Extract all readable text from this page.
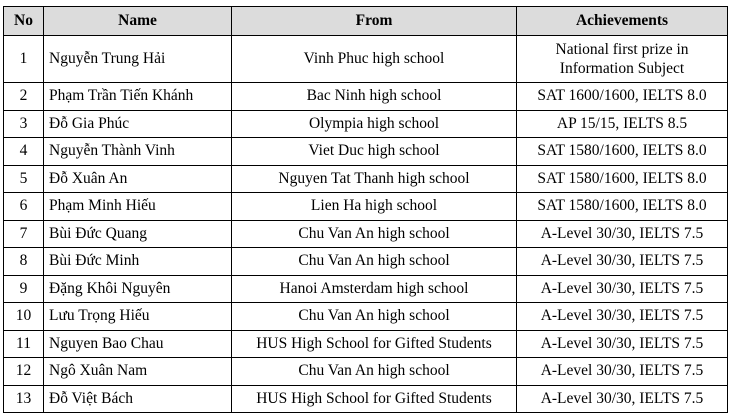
No	Name	From	Achievements
1	Nguyễn Trung Hải	Vinh Phuc high school	National first prize in Information Subject
2	Phạm Trần Tiến Khánh	Bac Ninh high school	SAT 1600/1600, IELTS 8.0
3	Đỗ Gia Phúc	Olympia high school	AP 15/15, IELTS 8.5
4	Nguyễn Thành Vinh	Viet Duc high school	SAT 1580/1600, IELTS 8.0
5	Đỗ Xuân An	Nguyen Tat Thanh high school	SAT 1580/1600, IELTS 8.0
6	Phạm Minh Hiếu	Lien Ha high school	SAT 1580/1600, IELTS 8.0
7	Bùi Đức Quang	Chu Van An high school	A-Level 30/30, IELTS 7.5
8	Bùi Đức Minh	Chu Van An high school	A-Level 30/30, IELTS 7.5
9	Đặng Khôi Nguyên	Hanoi Amsterdam high school	A-Level 30/30, IELTS 7.5
10	Lưu Trọng Hiếu	Chu Van An high school	A-Level 30/30, IELTS 7.5
11	Nguyen Bao Chau	HUS High School for Gifted Students	A-Level 30/30, IELTS 7.5
12	Ngô Xuân Nam	Chu Van An high school	A-Level 30/30, IELTS 7.5
13	Đỗ Việt Bách	HUS High School for Gifted Students	A-Level 30/30, IELTS 7.5
